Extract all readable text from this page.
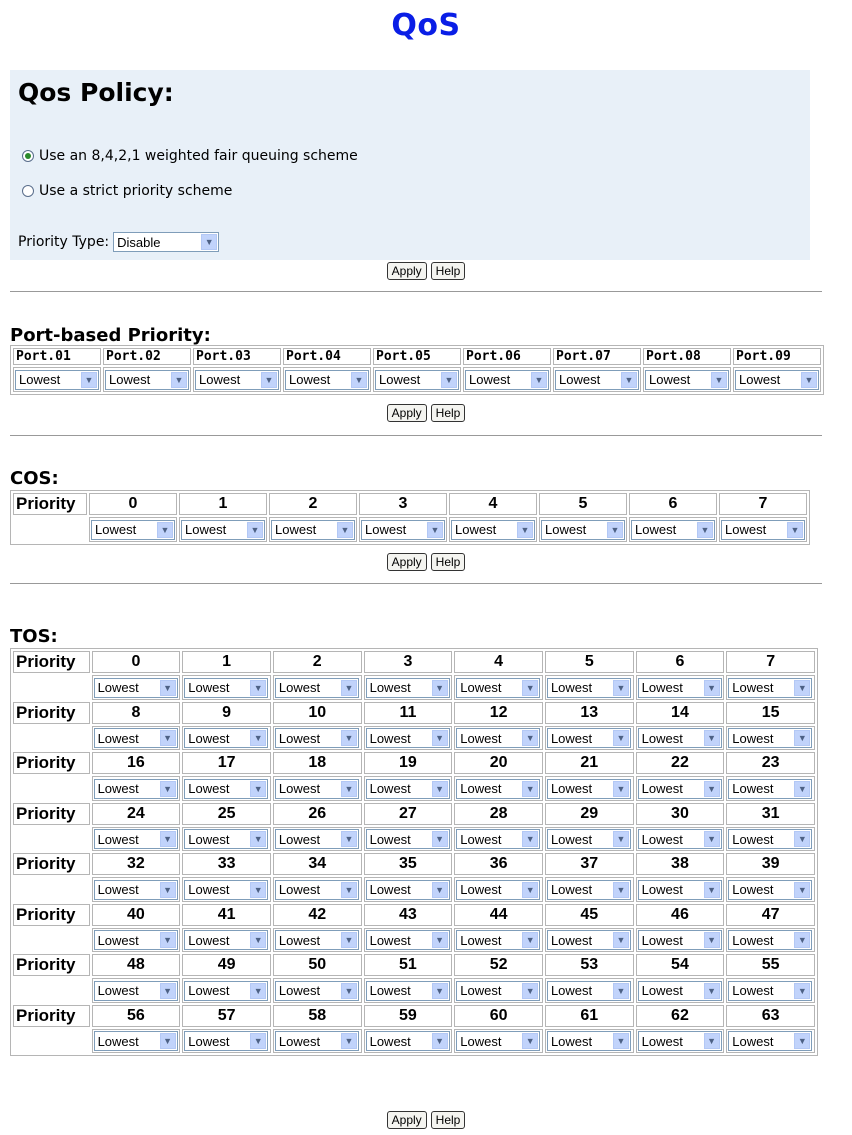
QoS
Qos Policy:
Use an 8,4,2,1 weighted fair queuing scheme
Use a strict priority scheme
Priority Type: Disable	▼
Apply	Help
Port-based Priority:
Port.01	Port.02	Port.03	Port.04	Port.05	Port.06	Port.07	Port.08	Port.09

Lowest ▼	Lowest ▼	Lowest ▼	Lowest ▼	Lowest ▼	Lowest ▼	Lowest ▼	Lowest ▼	Lowest ▼
Apply	Help
COS:
Priority	0	1	2	3	4	5	6	7

	Lowest ▼	Lowest ▼	Lowest ▼	Lowest ▼	Lowest ▼	Lowest ▼	Lowest ▼	Lowest ▼
Apply	Help
TOS:
Priority	0	1	2	3	4	5	6	7

	Lowest ▼	Lowest ▼	Lowest ▼	Lowest ▼	Lowest ▼	Lowest ▼	Lowest ▼	Lowest ▼

Priority	8	9	10	11	12	13	14	15

	Lowest ▼	Lowest ▼	Lowest ▼	Lowest ▼	Lowest ▼	Lowest ▼	Lowest ▼	Lowest ▼

Priority	16	17	18	19	20	21	22	23

	Lowest ▼	Lowest ▼	Lowest ▼	Lowest ▼	Lowest ▼	Lowest ▼	Lowest ▼	Lowest ▼

Priority	24	25	26	27	28	29	30	31

	Lowest ▼	Lowest ▼	Lowest ▼	Lowest ▼	Lowest ▼	Lowest ▼	Lowest ▼	Lowest ▼

Priority	32	33	34	35	36	37	38	39

	Lowest ▼	Lowest ▼	Lowest ▼	Lowest ▼	Lowest ▼	Lowest ▼	Lowest ▼	Lowest ▼

Priority	40	41	42	43	44	45	46	47

	Lowest ▼	Lowest ▼	Lowest ▼	Lowest ▼	Lowest ▼	Lowest ▼	Lowest ▼	Lowest ▼

Priority	48	49	50	51	52	53	54	55

	Lowest ▼	Lowest ▼	Lowest ▼	Lowest ▼	Lowest ▼	Lowest ▼	Lowest ▼	Lowest ▼

Priority	56	57	58	59	60	61	62	63

	Lowest ▼	Lowest ▼	Lowest ▼	Lowest ▼	Lowest ▼	Lowest ▼	Lowest ▼	Lowest ▼
Apply	Help
